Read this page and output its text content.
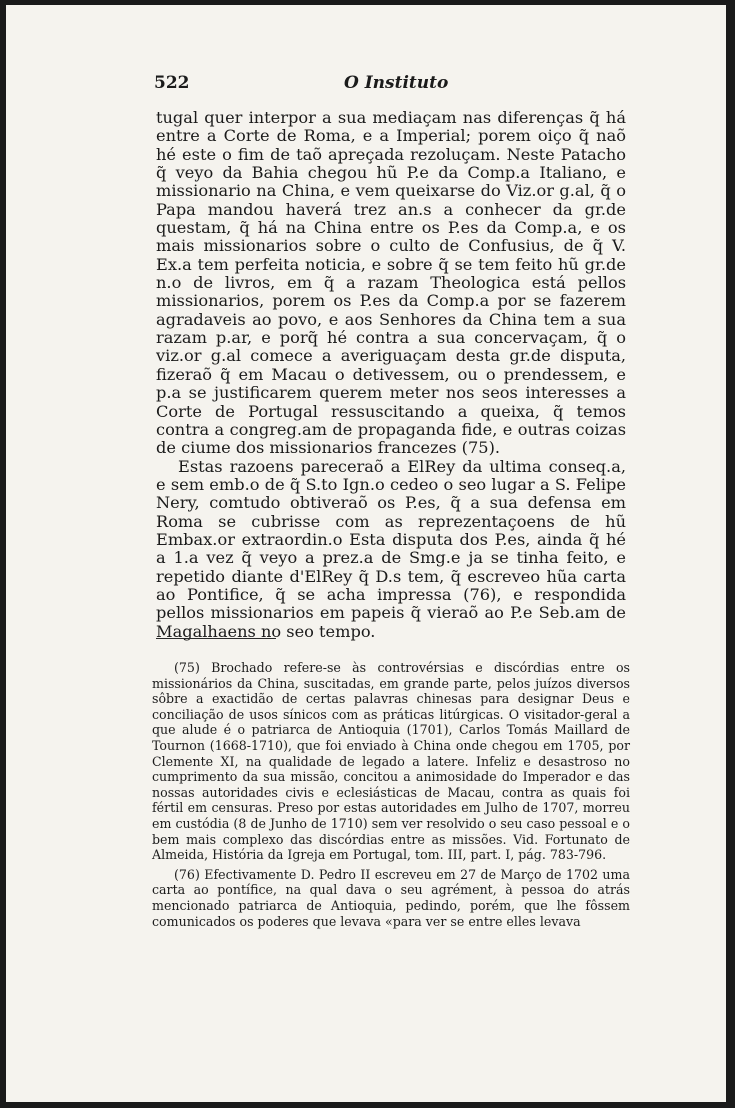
522	O Instituto

tugal quer interpor a sua mediaçam nas diferenças q̃ há entre a Corte de Roma, e a Imperial; porem oiço q̃ naõ hé este o fim de taõ apreçada rezoluçam. Neste Patacho q̃ veyo da Bahia chegou hũ P.e da Comp.a Italiano, e missionario na China, e vem queixarse do Viz.or g.al, q̃ o Papa mandou haverá trez an.s a conhecer da gr.de questam, q̃ há na China entre os P.es da Comp.a, e os mais missionarios sobre o culto de Confusius, de q̃ V. Ex.a tem perfeita noticia, e sobre q̃ se tem feito hũ gr.de n.o de livros, em q̃ a razam Theologica está pellos missionarios, porem os P.es da Comp.a por se fazerem agradaveis ao povo, e aos Senhores da China tem a sua razam p.ar, e porq̃ hé contra a sua concervaçam, q̃ o viz.or g.al comece a averiguaçam desta gr.de disputa, fizeraõ q̃ em Macau o detivessem, ou o prendessem, e p.a se justificarem querem meter nos seos interesses a Corte de Portugal ressuscitando a queixa, q̃ temos contra a congreg.am de propaganda fide, e outras coizas de ciume dos missionarios francezes (75).

Estas razoens pareceraõ a ElRey da ultima conseq.a, e sem emb.o de q̃ S.to Ign.o cedeo o seo lugar a S. Felipe Nery, comtudo obtiveraõ os P.es, q̃ a sua defensa em Roma se cubrisse com as reprezentaçoens de hũ Embax.or extraordin.o Esta disputa dos P.es, ainda q̃ hé a 1.a vez q̃ veyo a prez.a de Smg.e ja se tinha feito, e repetido diante d'ElRey q̃ D.s tem, q̃ escreveo hũa carta ao Pontifice, q̃ se acha impressa (76), e respondida pellos missionarios em papeis q̃ vieraõ ao P.e Seb.am de Magalhaens no seo tempo.

(75) Brochado refere-se às controvérsias e discórdias entre os missionários da China, suscitadas, em grande parte, pelos juízos diversos sôbre a exactidão de certas palavras chinesas para designar Deus e conciliação de usos sínicos com as práticas litúrgicas. O visitador-geral a que alude é o patriarca de Antioquia (1701), Carlos Tomás Maillard de Tournon (1668-1710), que foi enviado à China onde chegou em 1705, por Clemente XI, na qualidade de legado a latere. Infeliz e desastroso no cumprimento da sua missão, concitou a animosidade do Imperador e das nossas autoridades civis e eclesiásticas de Macau, contra as quais foi fértil em censuras. Preso por estas autoridades em Julho de 1707, morreu em custódia (8 de Junho de 1710) sem ver resolvido o seu caso pessoal e o bem mais complexo das discórdias entre as missões. Vid. Fortunato de Almeida, História da Igreja em Portugal, tom. III, part. I, pág. 783-796.

(76) Efectivamente D. Pedro II escreveu em 27 de Março de 1702 uma carta ao pontífice, na qual dava o seu agrément, à pessoa do atrás mencionado patriarca de Antioquia, pedindo, porém, que lhe fôssem comunicados os poderes que levava «para ver se entre elles levava
